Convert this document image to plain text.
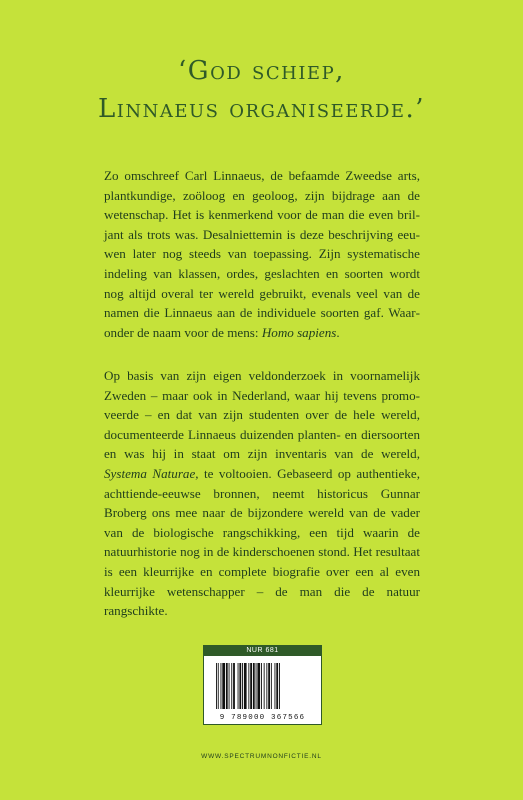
‘God schiep,
Linnaeus organiseerde.’

Zo omschreef Carl Linnaeus, de befaamde Zweedse arts, plantkundige, zoöloog en geoloog, zijn bijdrage aan de wetenschap. Het is kenmerkend voor de man die even briljant als trots was. Desalniettemin is deze beschrijving eeuwen later nog steeds van toepassing. Zijn systematische indeling van klassen, ordes, geslachten en soorten wordt nog altijd overal ter wereld gebruikt, evenals veel van de namen die Linnaeus aan de individuele soorten gaf. Waaronder de naam voor de mens: Homo sapiens.

Op basis van zijn eigen veldonderzoek in voornamelijk Zweden – maar ook in Nederland, waar hij tevens promoveerde – en dat van zijn studenten over de hele wereld, documenteerde Linnaeus duizenden planten- en diersoorten en was hij in staat om zijn inventaris van de wereld, Systema Naturae, te voltooien. Gebaseerd op authentieke, achttiende-eeuwse bronnen, neemt historicus Gunnar Broberg ons mee naar de bijzondere wereld van de vader van de biologische rangschikking, een tijd waarin de natuurhistorie nog in de kinderschoenen stond. Het resultaat is een kleurrijke en complete biografie over een al even kleurrijke wetenschapper – de man die de natuur rangschikte.

NUR 681
9 789000 367566
WWW.SPECTRUMNONFICTIE.NL
